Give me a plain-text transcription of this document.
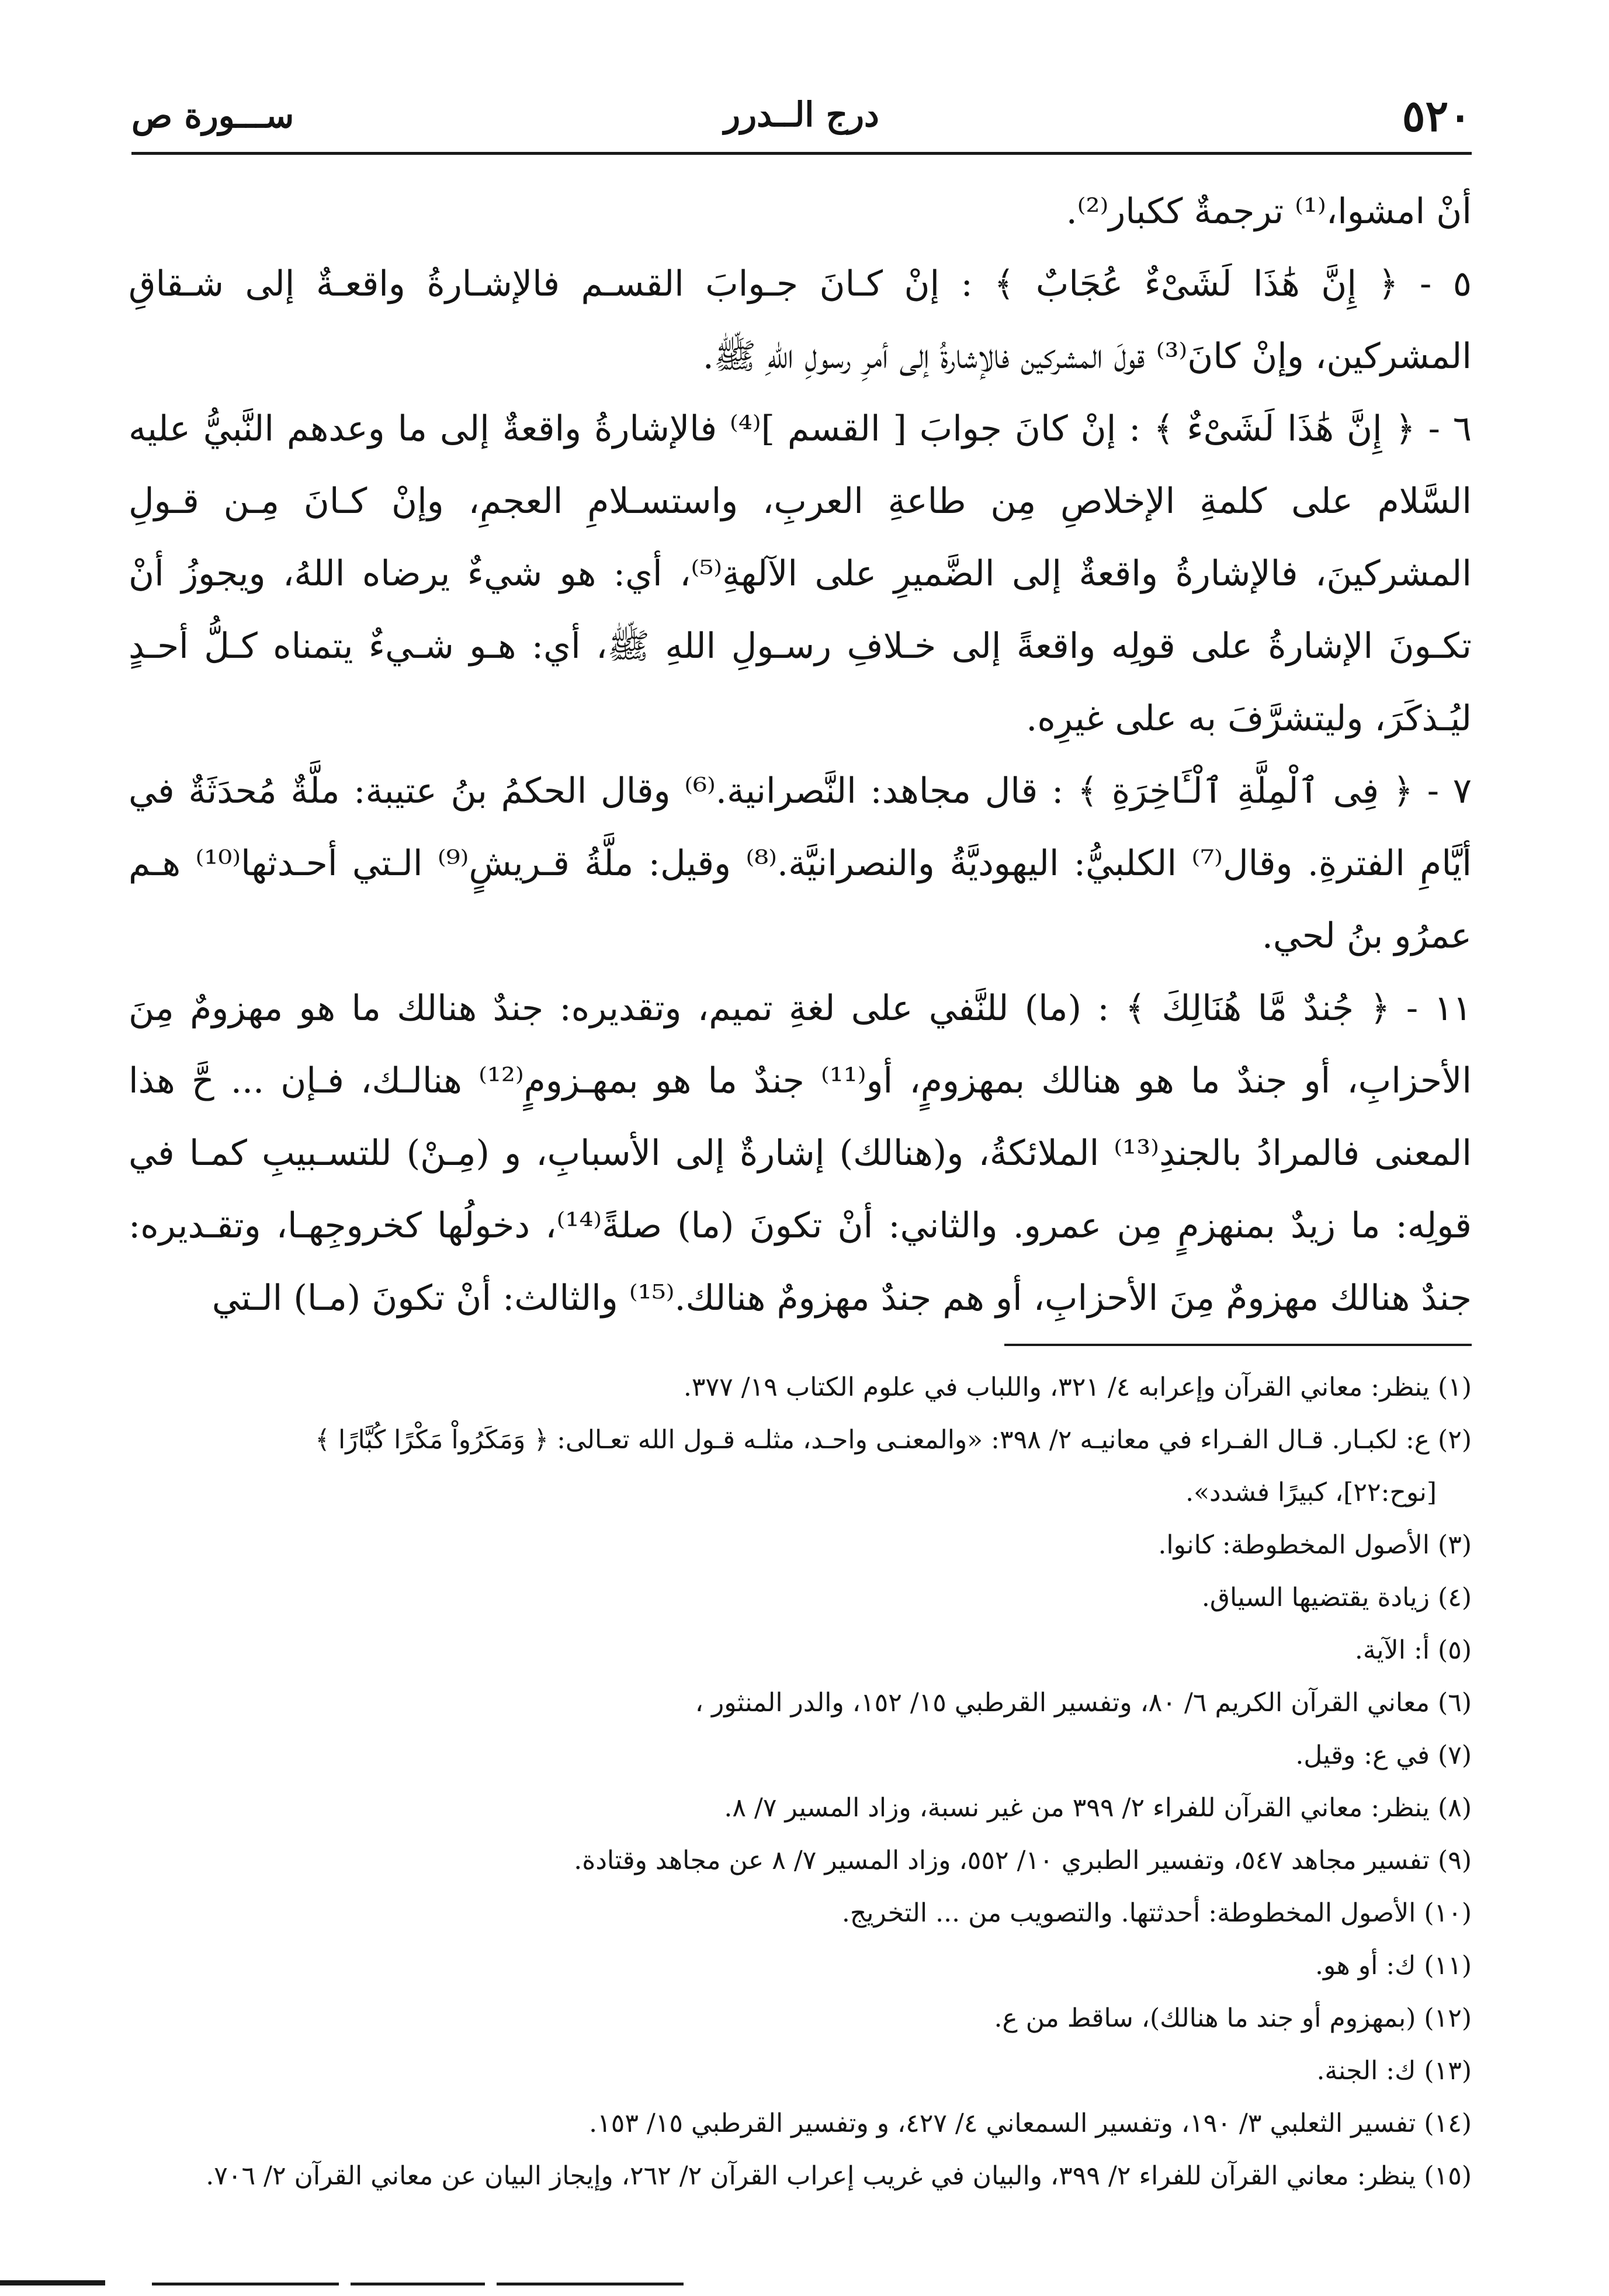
٥٢٠
درج الــدرر
ســـورة ص

أنْ امشوا،⁽¹⁾ ترجمةٌ ككبار⁽²⁾.

٥ - ﴿ إِنَّ هَٰذَا لَشَىْءٌ عُجَابٌ ﴾ : إنْ كـانَ جـوابَ القسـم فالإشـارةُ واقعـةٌ إلى شـقاقِ المشركين، وإنْ كانَ⁽³⁾ قولَ المشركين فالإشارةُ إلى أمرِ رسولِ اللهِ ﷺ.

٦ - ﴿ إِنَّ هَٰذَا لَشَىْءٌ ﴾ : إنْ كانَ جوابَ [ القسم ]⁽⁴⁾ فالإشارةُ واقعةٌ إلى ما وعدهم النَّبيُّ عليه السَّلام على كلمةِ الإخلاصِ مِن طاعةِ العربِ، واستسـلامِ العجمِ، وإنْ كـانَ مِـن قـولِ المشركينَ، فالإشارةُ واقعةٌ إلى الضَّميرِ على الآلهةِ⁽⁵⁾، أي: هو شيءٌ يرضاه اللهُ، ويجوزُ أنْ تكـونَ الإشارةُ على قولِه واقعةً إلى خـلافِ رسـولِ اللهِ ﷺ، أي: هـو شـيءٌ يتمناه كـلُّ أحـدٍ ليُـذكَرَ، وليتشرَّفَ به على غيرِه.

٧ - ﴿ فِى ٱلْمِلَّةِ ٱلْـَٔاخِرَةِ ﴾ : قال مجاهد: النَّصرانية.⁽⁶⁾ وقال الحكمُ بنُ عتيبة: ملَّةٌ مُحدَثَةٌ في أيَّامِ الفترةِ. وقال⁽⁷⁾ الكلبيُّ: اليهوديَّةُ والنصرانيَّة.⁽⁸⁾ وقيل: ملَّةُ قـريشٍ⁽⁹⁾ الـتي أحـدثها⁽¹⁰⁾ هـم عمرُو بنُ لحي.

١١ - ﴿ جُندٌ مَّا هُنَالِكَ ﴾ : (ما) للنَّفي على لغةِ تميم، وتقديره: جندٌ هنالك ما هو مهزومٌ مِنَ الأحزابِ، أو جندٌ ما هو هنالك بمهزومٍ، أو⁽¹¹⁾ جندٌ ما هو بمهـزومٍ⁽¹²⁾ هنالـك، فـإن ... حَّ هذا المعنى فالمرادُ بالجندِ⁽¹³⁾ الملائكةُ، و(هنالك) إشارةٌ إلى الأسبابِ، و (مِـنْ) للتسـبيبِ كمـا في قولِه: ما زيدٌ بمنهزمٍ مِن عمرو. والثاني: أنْ تكونَ (ما) صلةً⁽¹⁴⁾، دخولُها كخروجِهـا، وتقـديره: جندٌ هنالك مهزومٌ مِنَ الأحزابِ، أو هم جندٌ مهزومٌ هنالك.⁽¹⁵⁾ والثالث: أنْ تكونَ (مـا) الـتي

(١) ينظر: معاني القرآن وإعرابه ٤/ ٣٢١، واللباب في علوم الكتاب ١٩/ ٣٧٧.

(٢) ع: لكبـار. قـال الفـراء في معانيـه ٢/ ٣٩٨: «والمعنـى واحـد، مثلـه قـول الله تعـالى: ﴿ وَمَكَرُواْ مَكْرًا كُبَّارًا ﴾

[نوح:٢٢]، كبيرًا فشدد».

(٣) الأصول المخطوطة: كانوا.

(٤) زيادة يقتضيها السياق.

(٥) أ: الآية.

(٦) معاني القرآن الكريم ٦/ ٨٠، وتفسير القرطبي ١٥/ ١٥٢، والدر المنثور ،

(٧) في ع: وقيل.

(٨) ينظر: معاني القرآن للفراء ٢/ ٣٩٩ من غير نسبة، وزاد المسير ٧/ ٨.

(٩) تفسير مجاهد ٥٤٧، وتفسير الطبري ١٠/ ٥٥٢، وزاد المسير ٧/ ٨ عن مجاهد وقتادة.

(١٠) الأصول المخطوطة: أحدثتها. والتصويب من ... التخريج.

(١١) ك: أو هو.

(١٢) (بمهزوم أو جند ما هنالك)، ساقط من ع.

(١٣) ك: الجنة.

(١٤) تفسير الثعلبي ٣/ ١٩٠، وتفسير السمعاني ٤/ ٤٢٧، و وتفسير القرطبي ١٥/ ١٥٣.

(١٥) ينظر: معاني القرآن للفراء ٢/ ٣٩٩، والبيان في غريب إعراب القرآن ٢/ ٢٦٢، وإيجاز البيان عن معاني القرآن ٢/ ٧٠٦.
